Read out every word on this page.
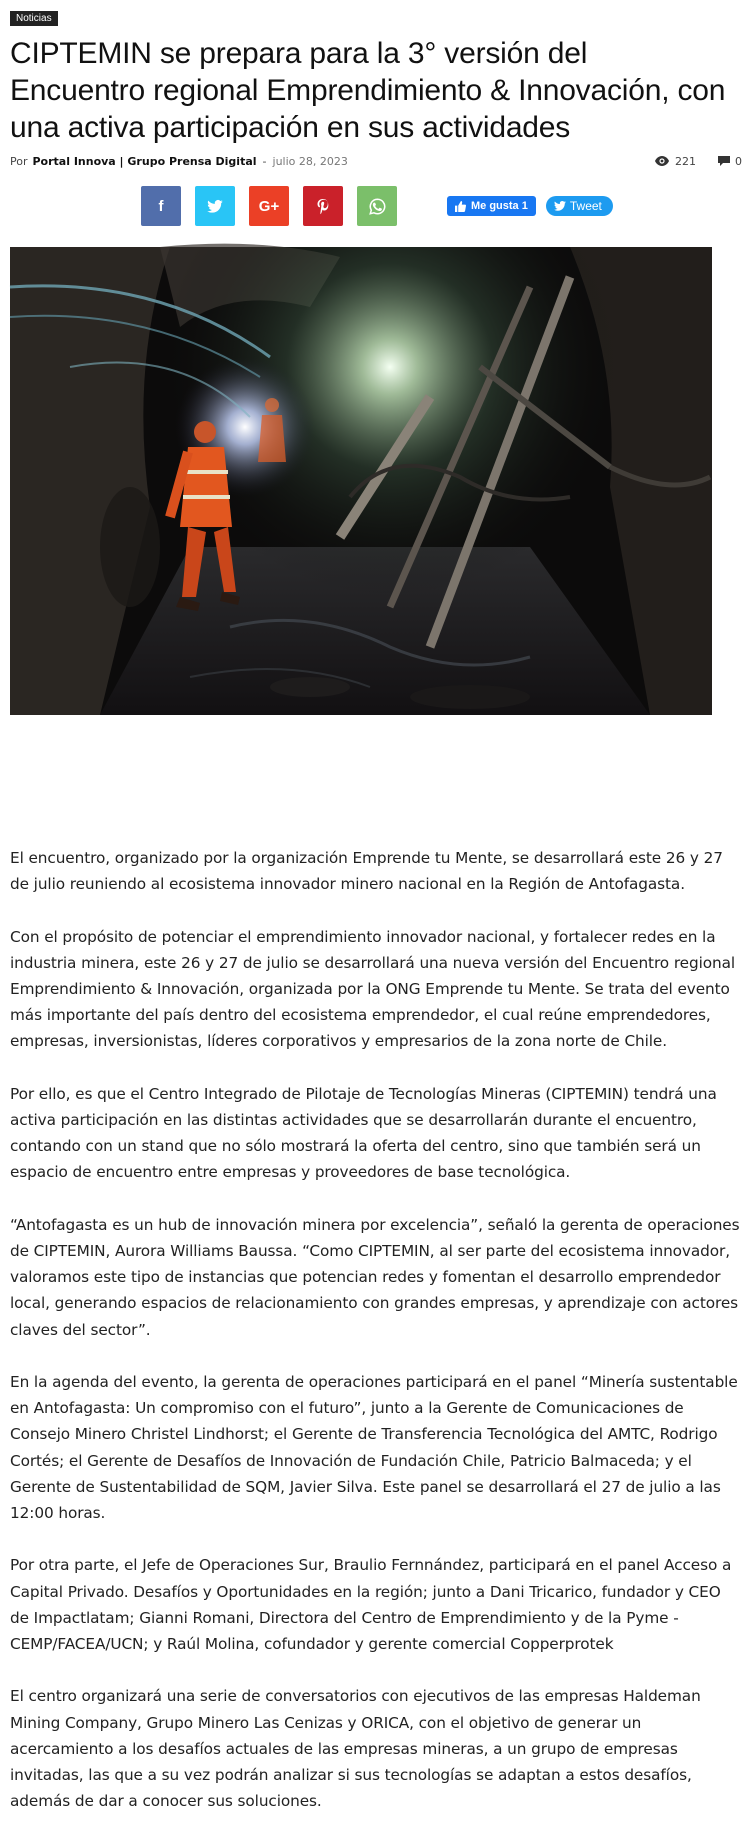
Noticias
CIPTEMIN se prepara para la 3° versión del Encuentro regional Emprendimiento & Innovación, con una activa participación en sus actividades
Por Portal Innova | Grupo Prensa Digital - julio 28, 2023	221	0
f	G+	Me gusta 1	Tweet

El encuentro, organizado por la organización Emprende tu Mente, se desarrollará este 26 y 27 de julio reuniendo al ecosistema innovador minero nacional en la Región de Antofagasta.

Con el propósito de potenciar el emprendimiento innovador nacional, y fortalecer redes en la industria minera, este 26 y 27 de julio se desarrollará una nueva versión del Encuentro regional Emprendimiento & Innovación, organizada por la ONG Emprende tu Mente. Se trata del evento más importante del país dentro del ecosistema emprendedor, el cual reúne emprendedores, empresas, inversionistas, líderes corporativos y empresarios de la zona norte de Chile.

Por ello, es que el Centro Integrado de Pilotaje de Tecnologías Mineras (CIPTEMIN) tendrá una activa participación en las distintas actividades que se desarrollarán durante el encuentro, contando con un stand que no sólo mostrará la oferta del centro, sino que también será un espacio de encuentro entre empresas y proveedores de base tecnológica.

“Antofagasta es un hub de innovación minera por excelencia”, señaló la gerenta de operaciones de CIPTEMIN, Aurora Williams Baussa. “Como CIPTEMIN, al ser parte del ecosistema innovador, valoramos este tipo de instancias que potencian redes y fomentan el desarrollo emprendedor local, generando espacios de relacionamiento con grandes empresas, y aprendizaje con actores claves del sector”.

En la agenda del evento, la gerenta de operaciones participará en el panel “Minería sustentable en Antofagasta: Un compromiso con el futuro”, junto a la Gerente de Comunicaciones de Consejo Minero Christel Lindhorst; el Gerente de Transferencia Tecnológica del AMTC, Rodrigo Cortés; el Gerente de Desafíos de Innovación de Fundación Chile, Patricio Balmaceda; y el Gerente de Sustentabilidad de SQM, Javier Silva. Este panel se desarrollará el 27 de julio a las 12:00 horas.

Por otra parte, el Jefe de Operaciones Sur, Braulio Fernnández, participará en el panel Acceso a Capital Privado. Desafíos y Oportunidades en la región; junto a Dani Tricarico, fundador y CEO de Impactlatam; Gianni Romani, Directora del Centro de Emprendimiento y de la Pyme -CEMP/FACEA/UCN; y Raúl Molina, cofundador y gerente comercial Copperprotek

El centro organizará una serie de conversatorios con ejecutivos de las empresas Haldeman Mining Company, Grupo Minero Las Cenizas y ORICA, con el objetivo de generar un acercamiento a los desafíos actuales de las empresas mineras, a un grupo de empresas invitadas, las que a su vez podrán analizar si sus tecnologías se adaptan a estos desafíos, además de dar a conocer sus soluciones.
